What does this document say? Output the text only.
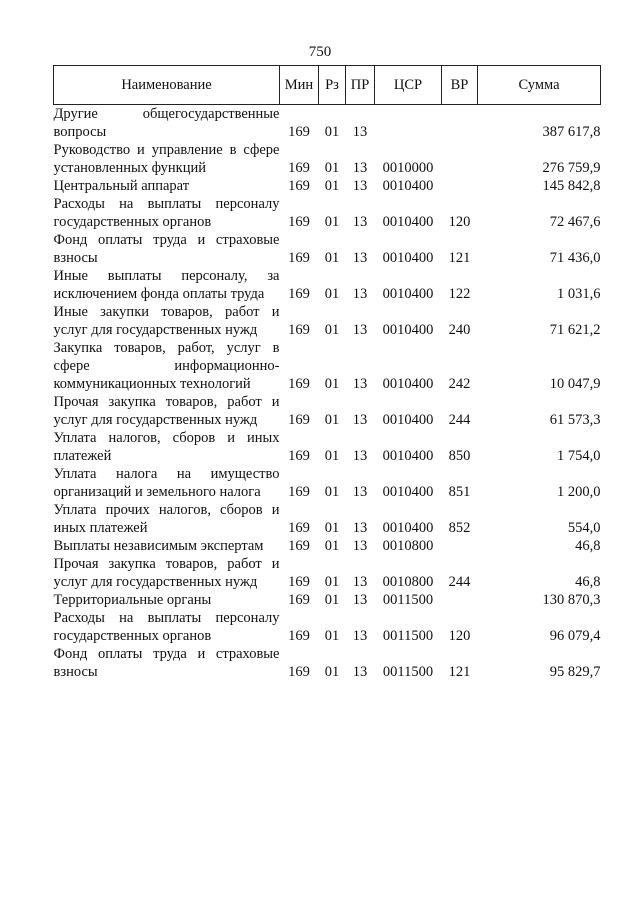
750
Наименование	Мин	Рз	ПР	ЦСР	ВР	Сумма
Другие общегосударственные вопросы	169	01	13			387 617,8
Руководство и управление в сфере установленных функций	169	01	13	0010000		276 759,9
Центральный аппарат	169	01	13	0010400		145 842,8
Расходы на выплаты персоналу государственных органов	169	01	13	0010400	120	72 467,6
Фонд оплаты труда и страховые взносы	169	01	13	0010400	121	71 436,0
Иные выплаты персоналу, за исключением фонда оплаты труда	169	01	13	0010400	122	1 031,6
Иные закупки товаров, работ и услуг для государственных нужд	169	01	13	0010400	240	71 621,2
Закупка товаров, работ, услуг в сфере информационно-коммуникационных технологий	169	01	13	0010400	242	10 047,9
Прочая закупка товаров, работ и услуг для государственных нужд	169	01	13	0010400	244	61 573,3
Уплата налогов, сборов и иных платежей	169	01	13	0010400	850	1 754,0
Уплата налога на имущество организаций и земельного налога	169	01	13	0010400	851	1 200,0
Уплата прочих налогов, сборов и иных платежей	169	01	13	0010400	852	554,0
Выплаты независимым экспертам	169	01	13	0010800		46,8
Прочая закупка товаров, работ и услуг для государственных нужд	169	01	13	0010800	244	46,8
Территориальные органы	169	01	13	0011500		130 870,3
Расходы на выплаты персоналу государственных органов	169	01	13	0011500	120	96 079,4
Фонд оплаты труда и страховые взносы	169	01	13	0011500	121	95 829,7
